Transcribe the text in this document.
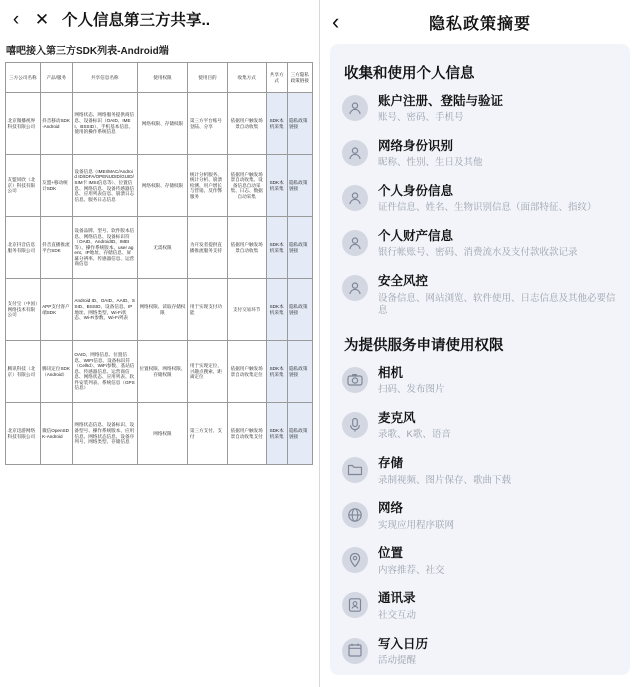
‹ ✕ 个人信息第三方共享..
嘻吧接入第三方SDK列表-Android端
三方公司名称	产品/服务	共享信息名称	使用权限	使用目的	收集方式	共享方式	三方隐私政策链接
北京微播视界科技有限公司	抖音移动SDK-Android	网络状态、网络服务提供商信息、设备标识（OAID、IMEI、BSSID）、手机基本信息、使用的操作系统信息	网络权限、存储权限	第三方平台账号登陆、分享	依据用户触发场景自动收集	SDK本机采集	隐私政策链接
友盟同欣（北京）科技有限公司	友盟+移动统计SDK	设备信息（IMEI/MAC/Android ID/IDFA/OPENUDID/GUID/SIM卡 IMSI信息等）、位置信息、网络信息、设备传感器信息、应用列表信息、崩溃日志信息、服务日志信息	网络权限、存储权限	统计分析服务、统计分析、崩溃检测、用户增长与营销、反作弊服务	依据用户触发场景自动收集、设备信息自动采集、日志、数据自动采集	SDK本机采集	隐私政策链接
北京抖音信息服务有限公司	抖音直播推流平台SDK	设备品牌、型号、软件版本信息、网络信息、设备标识符（OAID、AndroidID、IMEI等）、操作系统版本、user agent、IP地址、存储信息、屏幕分辨率、传感器信息、运营商信息	无需权限	为开发者提供直播推流服务支持	依据用户触发场景自动收集	SDK本机采集	隐私政策链接
支付宝（中国）网络技术有限公司	APP支付客户端SDK	Android ID、OAID、AAID、SSID、BSSID、设备信息、IP地址、网络类型、Wi-Fi状态、Wi-Fi参数、Wi-Fi列表	网络权限、读取存储权限	用于实现支付功能	支付交易环节	SDK本机采集	隐私政策链接
腾讯科技（北京）有限公司	腾讯定位SDK（Android）	OAID、网络信息、位置信息、WIFI信息、设备标识符（CellId）、WiFi参数、基站信息、传感器信息、运营商信息、网络状态、应用列表、软件安装列表、系统信息（GPS信息）	位置权限、网络权限、存储权限	用于实现定位、兴趣点搜索、距离定位	依据用户触发场景自动收集定位	SDK本机采集	隐私政策链接
北京迅游网络科技有限公司	微信OpenSDK-Android	网络状态信息、设备标识、设备型号、操作系统版本、应用信息、网络状态信息、设备序列号、网络类型、存储信息	网络权限	第三方支付、支付	依据用户触发场景自动收集支付	SDK本机采集	隐私政策链接
‹	隐私政策摘要
收集和使用个人信息
账户注册、登陆与验证
账号、密码、手机号
网络身份识别
昵称、性别、生日及其他
个人身份信息
证件信息、姓名、生物识别信息（面部特征、指纹）
个人财产信息
银行帐账号、密码、消费流水及支付款收款记录
安全风控
设备信息、网站浏览、软件使用、日志信息及其他必要信息
为提供服务申请使用权限
相机
扫码、发布图片
麦克风
录歌、K歌、语音
存储
录制视频、图片保存、歌曲下载
网络
实现应用程序联网
位置
内容推荐、社交
通讯录
社交互动
写入日历
活动提醒
